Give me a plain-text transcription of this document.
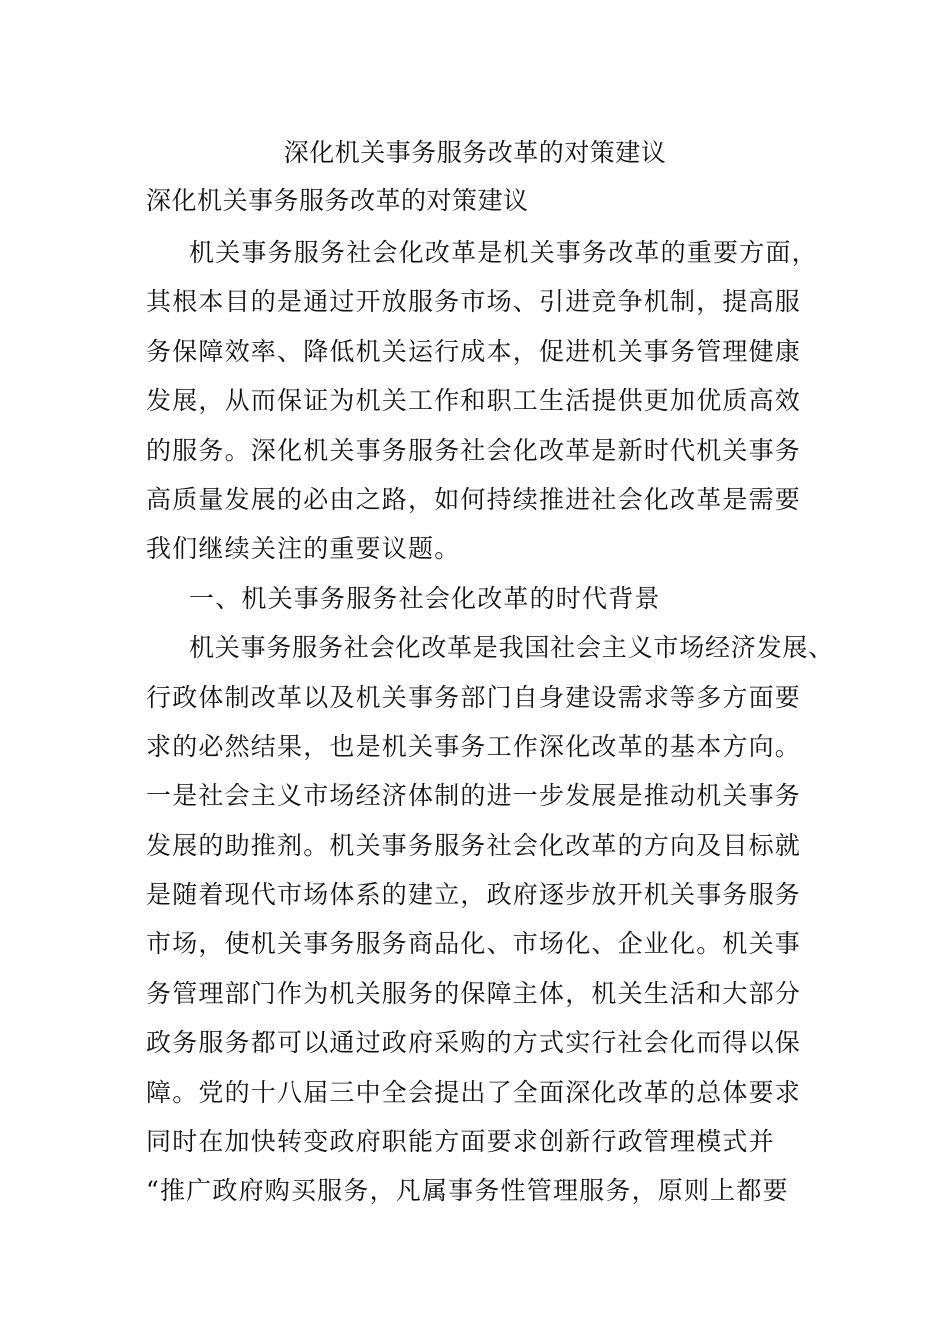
深化机关事务服务改革的对策建议
深化机关事务服务改革的对策建议
机关事务服务社会化改革是机关事务改革的重要方面，
其根本目的是通过开放服务市场、引进竞争机制，提高服
务保障效率、降低机关运行成本，促进机关事务管理健康
发展，从而保证为机关工作和职工生活提供更加优质高效
的服务。深化机关事务服务社会化改革是新时代机关事务
高质量发展的必由之路，如何持续推进社会化改革是需要
我们继续关注的重要议题。
一、机关事务服务社会化改革的时代背景
机关事务服务社会化改革是我国社会主义市场经济发展、
行政体制改革以及机关事务部门自身建设需求等多方面要
求的必然结果，也是机关事务工作深化改革的基本方向。
一是社会主义市场经济体制的进一步发展是推动机关事务
发展的助推剂。机关事务服务社会化改革的方向及目标就
是随着现代市场体系的建立，政府逐步放开机关事务服务
市场，使机关事务服务商品化、市场化、企业化。机关事
务管理部门作为机关服务的保障主体，机关生活和大部分
政务服务都可以通过政府采购的方式实行社会化而得以保
障。党的十八届三中全会提出了全面深化改革的总体要求
同时在加快转变政府职能方面要求创新行政管理模式并
“推广政府购买服务，凡属事务性管理服务，原则上都要
